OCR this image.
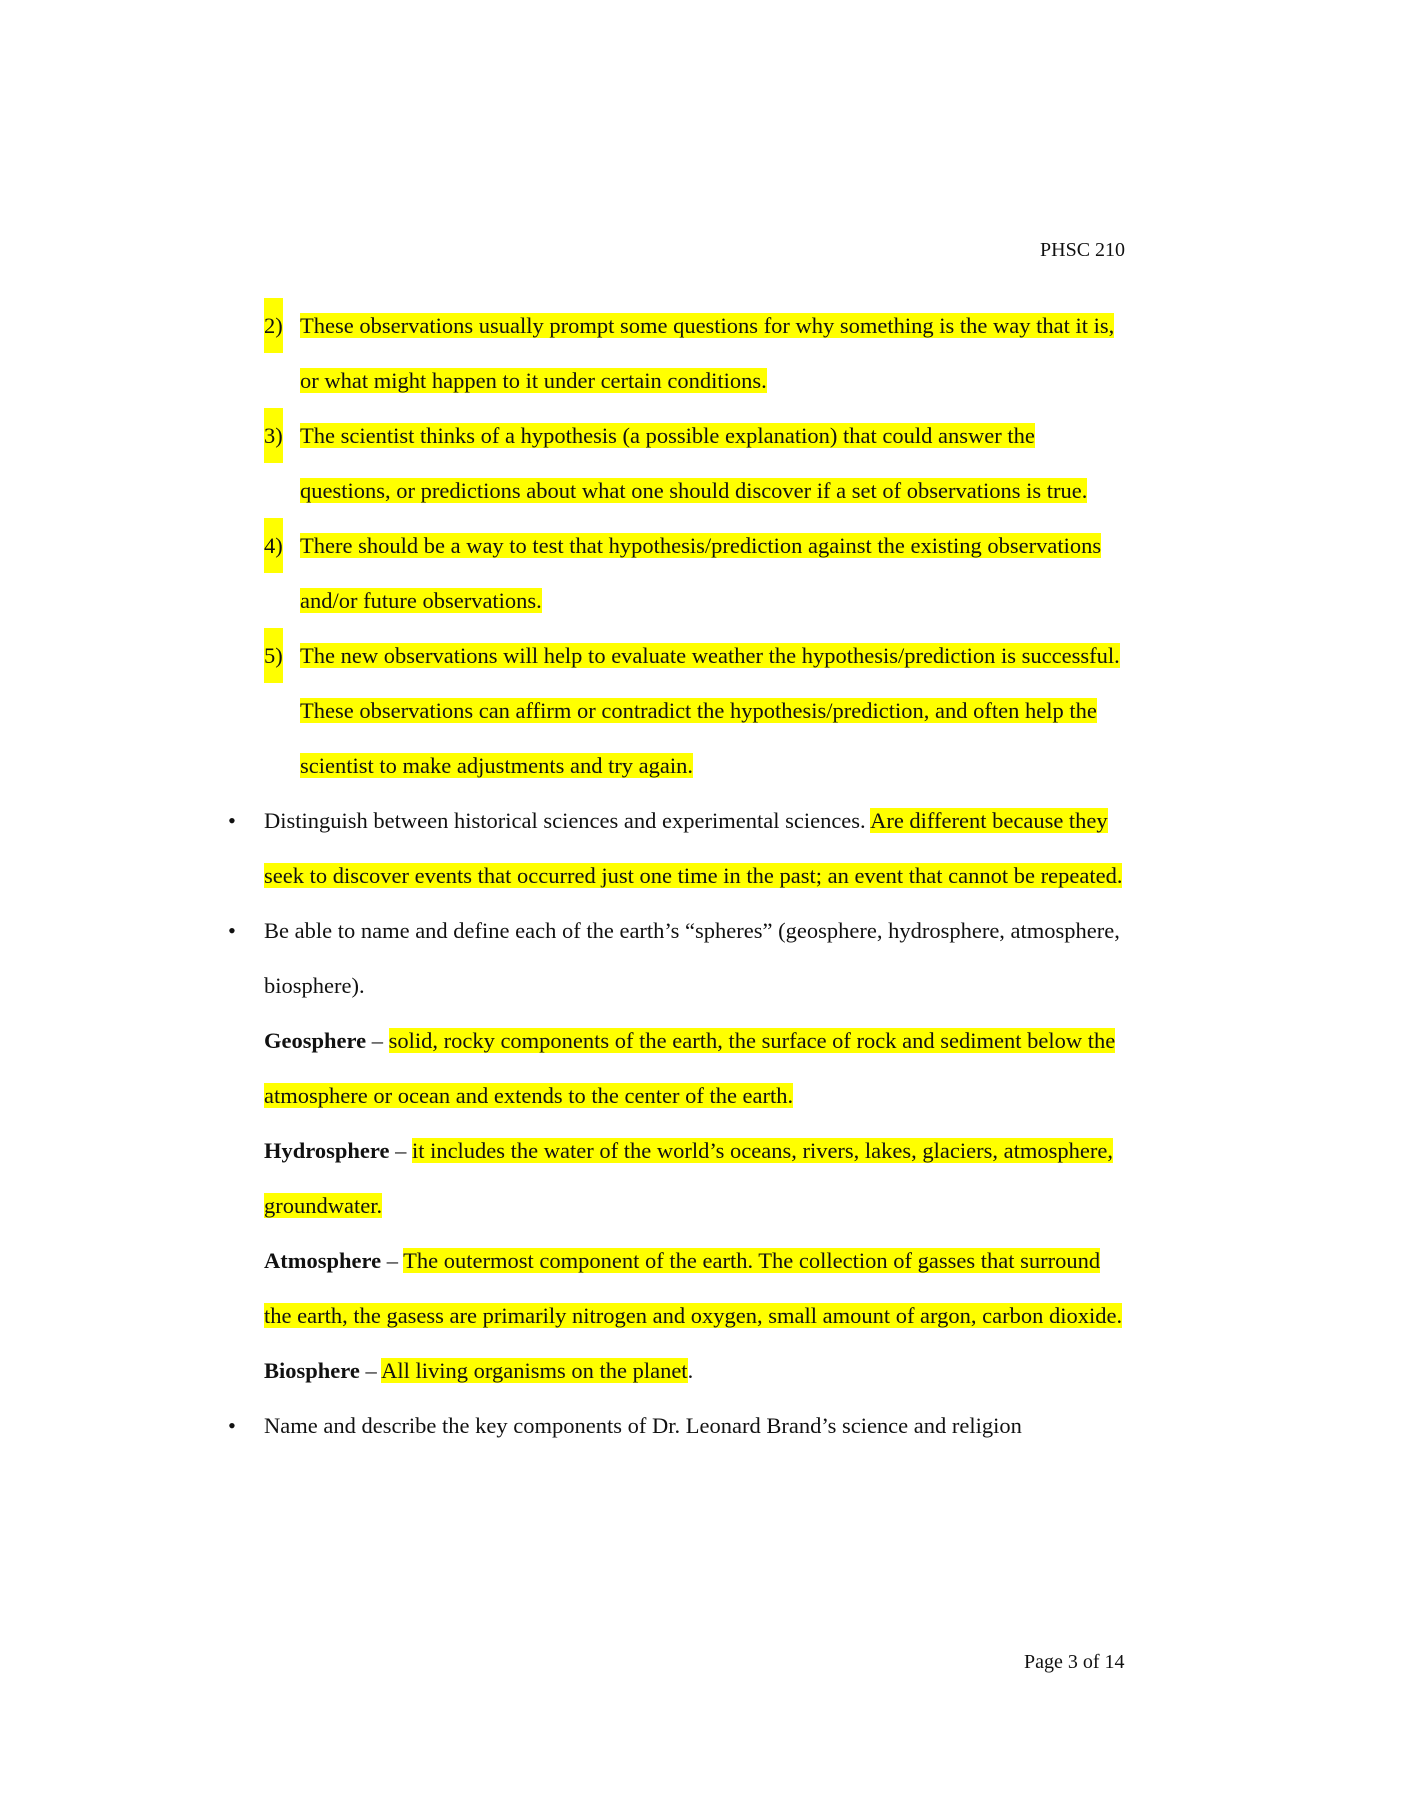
PHSC 210
2) These observations usually prompt some questions for why something is the way that it is, or what might happen to it under certain conditions.
3) The scientist thinks of a hypothesis (a possible explanation) that could answer the questions, or predictions about what one should discover if a set of observations is true.
4) There should be a way to test that hypothesis/prediction against the existing observations and/or future observations.
5) The new observations will help to evaluate weather the hypothesis/prediction is successful. These observations can affirm or contradict the hypothesis/prediction, and often help the scientist to make adjustments and try again.
•	Distinguish between historical sciences and experimental sciences. Are different because they seek to discover events that occurred just one time in the past; an event that cannot be repeated.
•	Be able to name and define each of the earth’s “spheres” (geosphere, hydrosphere, atmosphere, biosphere).

Geosphere – solid, rocky components of the earth, the surface of rock and sediment below the atmosphere or ocean and extends to the center of the earth.

Hydrosphere – it includes the water of the world’s oceans, rivers, lakes, glaciers, atmosphere, groundwater.

Atmosphere – The outermost component of the earth. The collection of gasses that surround the earth, the gasess are primarily nitrogen and oxygen, small amount of argon, carbon dioxide.

Biosphere – All living organisms on the planet.

•	Name and describe the key components of Dr. Leonard Brand’s science and religion
Page 3 of 14
